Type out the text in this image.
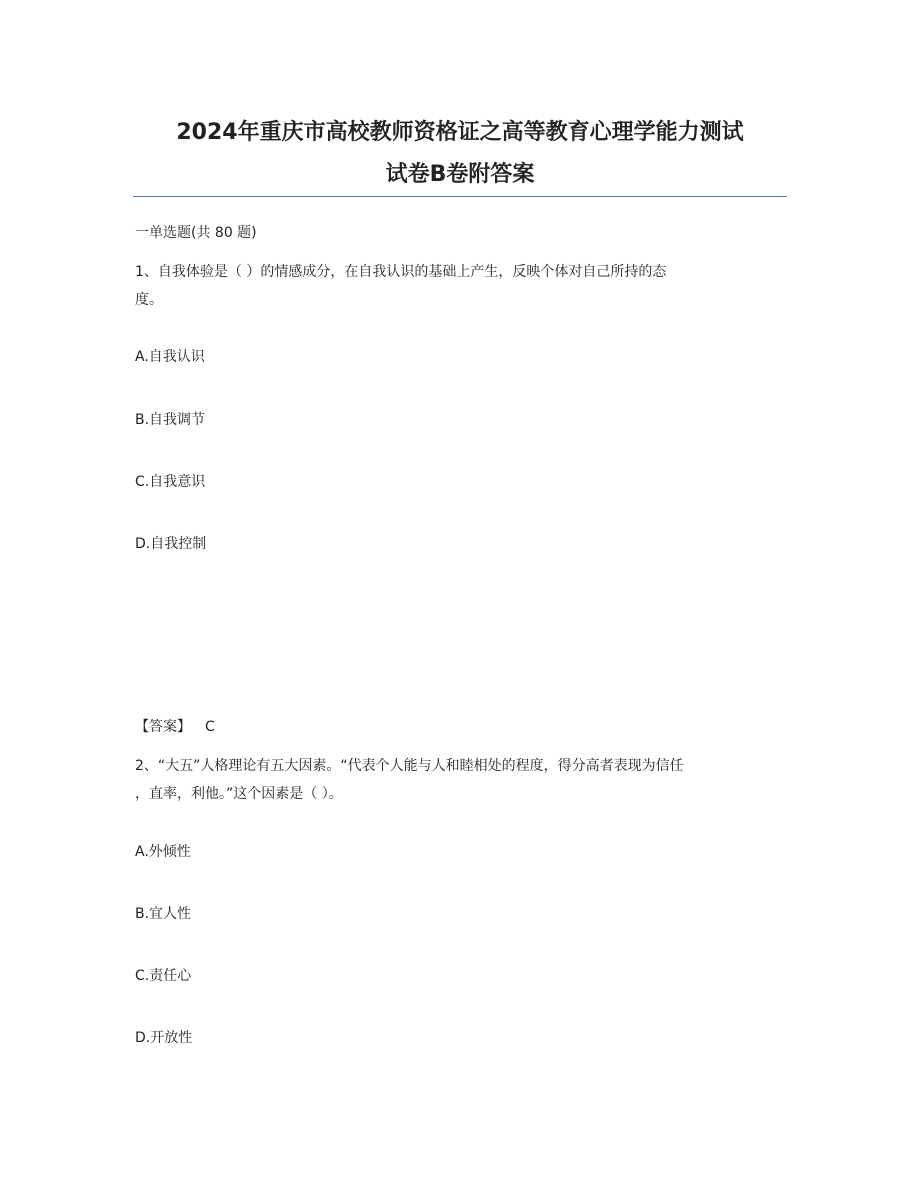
2024年重庆市高校教师资格证之高等教育心理学能力测试
试卷B卷附答案
一单选题(共 80 题)
1、自我体验是（ ）的情感成分，在自我认识的基础上产生，反映个体对自己所持的态
度。
A.自我认识
B.自我调节
C.自我意识
D.自我控制
【答案】 C
2、“大五”人格理论有五大因素。“代表个人能与人和睦相处的程度，得分高者表现为信任
，直率，利他。”这个因素是（ ）。
A.外倾性
B.宜人性
C.责任心
D.开放性
